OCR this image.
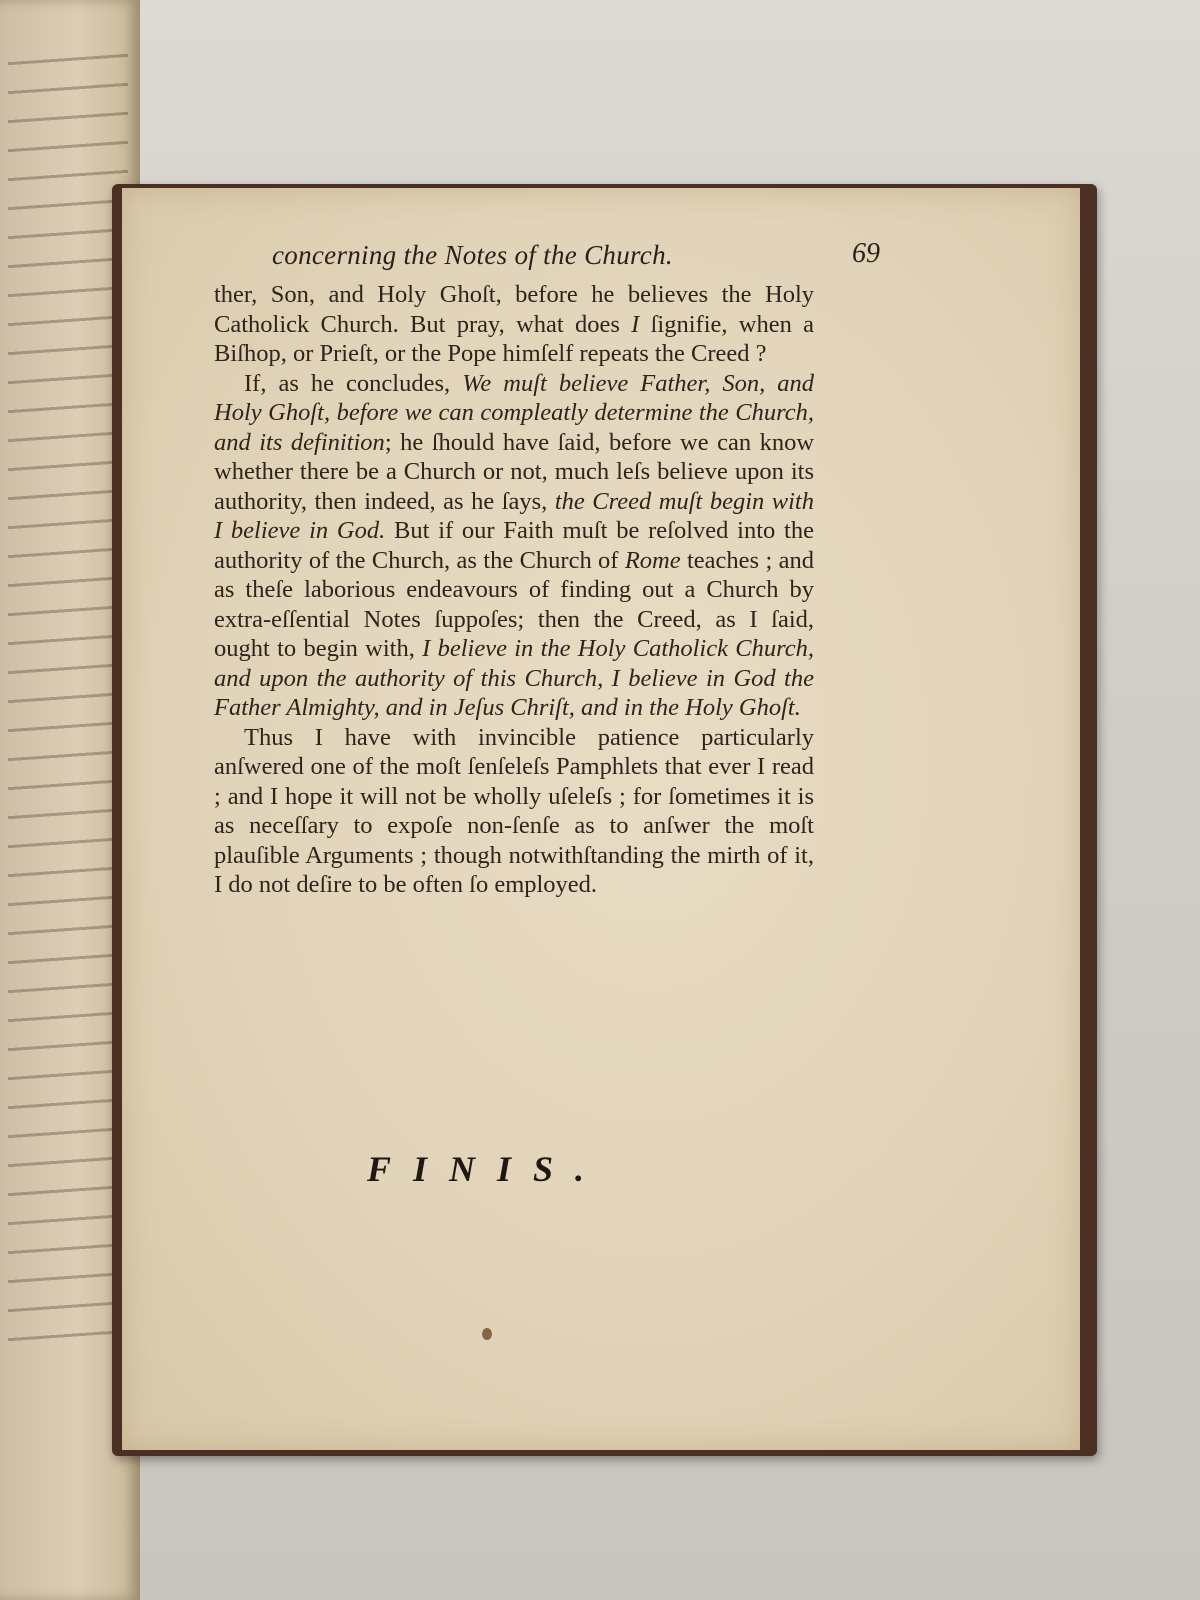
concerning the Notes of the Church.	69

ther, Son, and Holy Ghoſt, before he believes the Holy Catholick Church. But pray, what does I ſignifie, when a Biſhop, or Prieſt, or the Pope himſelf repeats the Creed ?

If, as he concludes, We muſt believe Father, Son, and Holy Ghoſt, before we can compleatly determine the Church, and its definition; he ſhould have ſaid, before we can know whether there be a Church or not, much leſs believe upon its authority, then indeed, as he ſays, the Creed muſt begin with I believe in God. But if our Faith muſt be reſolved into the authority of the Church, as the Church of Rome teaches ; and as theſe laborious endeavours of finding out a Church by extra-eſſential Notes ſuppoſes; then the Creed, as I ſaid, ought to begin with, I believe in the Holy Catholick Church, and upon the authority of this Church, I believe in God the Father Almighty, and in Jeſus Chriſt, and in the Holy Ghoſt.

Thus I have with invincible patience particularly anſwered one of the moſt ſenſeleſs Pamphlets that ever I read ; and I hope it will not be wholly uſeleſs ; for ſometimes it is as neceſſary to expoſe non-ſenſe as to anſwer the moſt plauſible Arguments ; though notwithſtanding the mirth of it, I do not deſire to be often ſo employed.

FINIS.
